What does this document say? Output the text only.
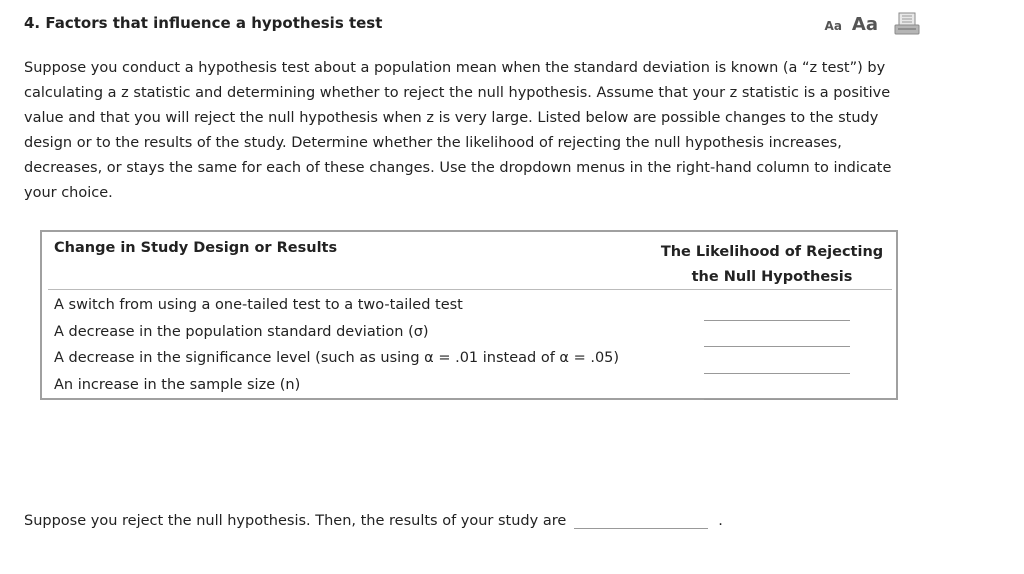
4. Factors that influence a hypothesis test	Aa Aa

Suppose you conduct a hypothesis test about a population mean when the standard deviation is known (a “z test”) by calculating a z statistic and determining whether to reject the null hypothesis. Assume that your z statistic is a positive value and that you will reject the null hypothesis when z is very large. Listed below are possible changes to the study design or to the results of the study. Determine whether the likelihood of rejecting the null hypothesis increases, decreases, or stays the same for each of these changes. Use the dropdown menus in the right-hand column to indicate your choice.

Change in Study Design or Results	The Likelihood of Rejecting the Null Hypothesis
A switch from using a one-tailed test to a two-tailed test
A decrease in the population standard deviation (σ)
A decrease in the significance level (such as using α = .01 instead of α = .05)
An increase in the sample size (n)
Suppose you reject the null hypothesis. Then, the results of your study are	.
